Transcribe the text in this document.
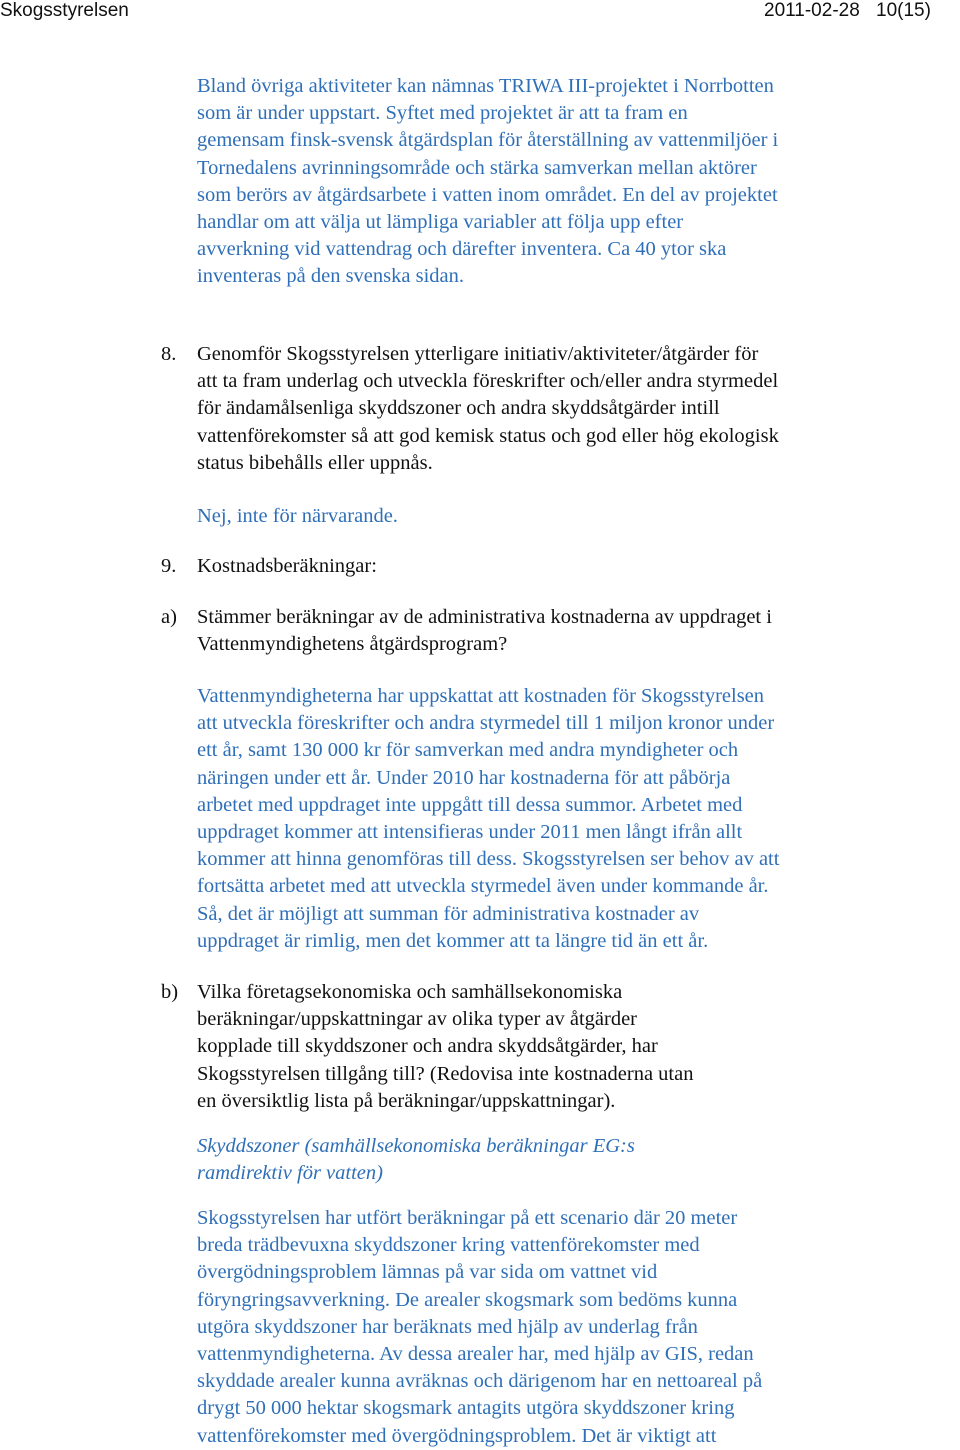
Skogsstyrelsen	2011-02-28 10(15)
Bland övriga aktiviteter kan nämnas TRIWA III-projektet i Norrbotten
som är under uppstart. Syftet med projektet är att ta fram en
gemensam finsk-svensk åtgärdsplan för återställning av vattenmiljöer i
Tornedalens avrinningsområde och stärka samverkan mellan aktörer
som berörs av åtgärdsarbete i vatten inom området. En del av projektet
handlar om att välja ut lämpliga variabler att följa upp efter
avverkning vid vattendrag och därefter inventera. Ca 40 ytor ska
inventeras på den svenska sidan.
8. Genomför Skogsstyrelsen ytterligare initiativ/aktiviteter/åtgärder för
att ta fram underlag och utveckla föreskrifter och/eller andra styrmedel
för ändamålsenliga skyddszoner och andra skyddsåtgärder intill
vattenförekomster så att god kemisk status och god eller hög ekologisk
status bibehålls eller uppnås.
Nej, inte för närvarande.
9. Kostnadsberäkningar:
a) Stämmer beräkningar av de administrativa kostnaderna av uppdraget i
Vattenmyndighetens åtgärdsprogram?
Vattenmyndigheterna har uppskattat att kostnaden för Skogsstyrelsen
att utveckla föreskrifter och andra styrmedel till 1 miljon kronor under
ett år, samt 130 000 kr för samverkan med andra myndigheter och
näringen under ett år. Under 2010 har kostnaderna för att påbörja
arbetet med uppdraget inte uppgått till dessa summor. Arbetet med
uppdraget kommer att intensifieras under 2011 men långt ifrån allt
kommer att hinna genomföras till dess. Skogsstyrelsen ser behov av att
fortsätta arbetet med att utveckla styrmedel även under kommande år.
Så, det är möjligt att summan för administrativa kostnader av
uppdraget är rimlig, men det kommer att ta längre tid än ett år.
b) Vilka företagsekonomiska och samhällsekonomiska
beräkningar/uppskattningar av olika typer av åtgärder
kopplade till skyddszoner och andra skyddsåtgärder, har
Skogsstyrelsen tillgång till? (Redovisa inte kostnaderna utan
en översiktlig lista på beräkningar/uppskattningar).
Skyddszoner (samhällsekonomiska beräkningar EG:s
ramdirektiv för vatten)
Skogsstyrelsen har utfört beräkningar på ett scenario där 20 meter
breda trädbevuxna skyddszoner kring vattenförekomster med
övergödningsproblem lämnas på var sida om vattnet vid
föryngringsavverkning. De arealer skogsmark som bedöms kunna
utgöra skyddszoner har beräknats med hjälp av underlag från
vattenmyndigheterna. Av dessa arealer har, med hjälp av GIS, redan
skyddade arealer kunna avräknas och därigenom har en nettoareal på
drygt 50 000 hektar skogsmark antagits utgöra skyddszoner kring
vattenförekomster med övergödningsproblem. Det är viktigt att
